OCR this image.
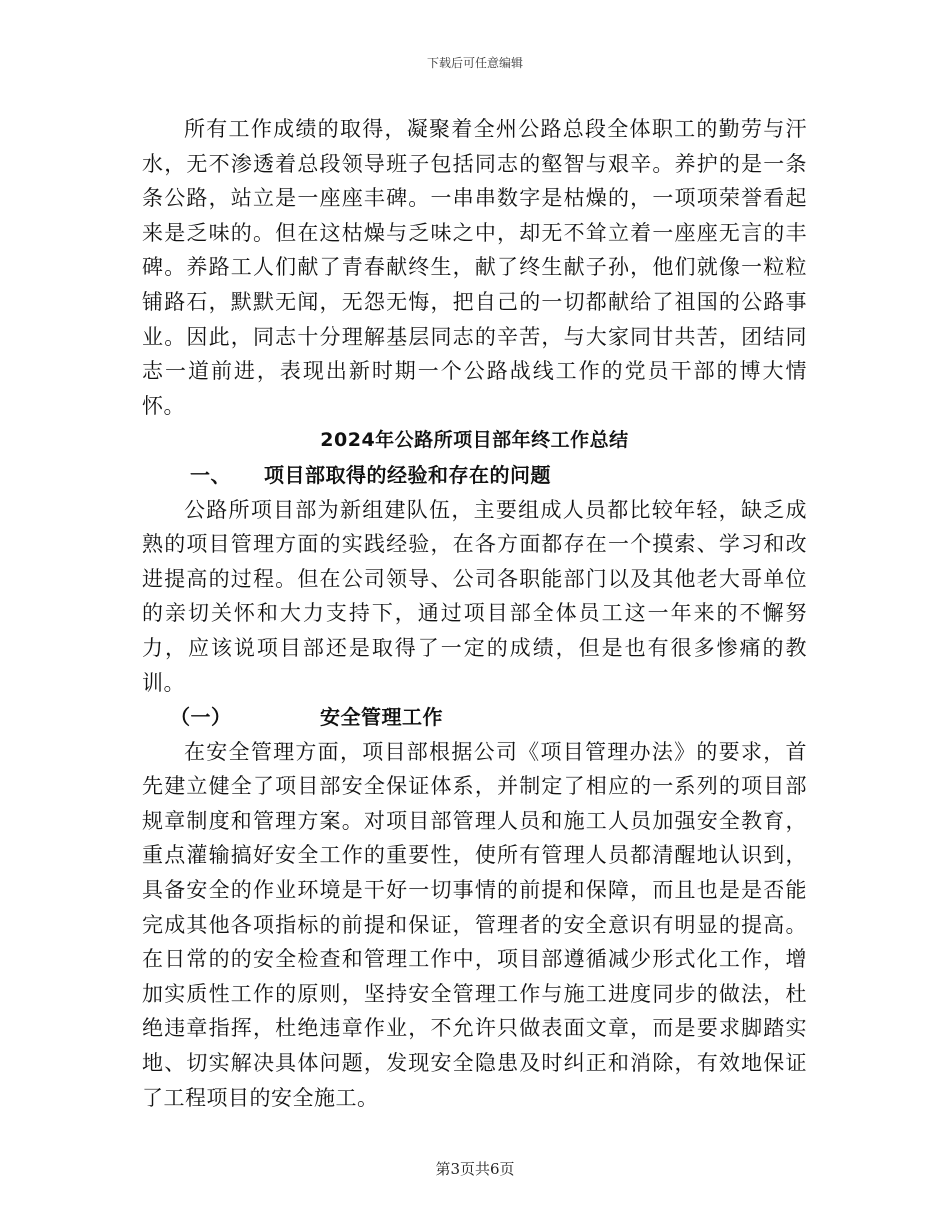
下载后可任意编辑

所有工作成绩的取得，凝聚着全州公路总段全体职工的勤劳与汗水，无不渗透着总段领导班子包括同志的壑智与艰辛。养护的是一条条公路，站立是一座座丰碑。一串串数字是枯燥的，一项项荣誉看起来是乏味的。但在这枯燥与乏味之中，却无不耸立着一座座无言的丰碑。养路工人们献了青春献终生，献了终生献子孙，他们就像一粒粒铺路石，默默无闻，无怨无悔，把自己的一切都献给了祖国的公路事业。因此，同志十分理解基层同志的辛苦，与大家同甘共苦，团结同志一道前进，表现出新时期一个公路战线工作的党员干部的博大情怀。

2024年公路所项目部年终工作总结

一、 项目部取得的经验和存在的问题

公路所项目部为新组建队伍，主要组成人员都比较年轻，缺乏成熟的项目管理方面的实践经验，在各方面都存在一个摸索、学习和改进提高的过程。但在公司领导、公司各职能部门以及其他老大哥单位的亲切关怀和大力支持下，通过项目部全体员工这一年来的不懈努力，应该说项目部还是取得了一定的成绩，但是也有很多惨痛的教训。

（一）	安全管理工作

在安全管理方面，项目部根据公司《项目管理办法》的要求，首先建立健全了项目部安全保证体系，并制定了相应的一系列的项目部规章制度和管理方案。对项目部管理人员和施工人员加强安全教育，重点灌输搞好安全工作的重要性，使所有管理人员都清醒地认识到，具备安全的作业环境是干好一切事情的前提和保障，而且也是是否能完成其他各项指标的前提和保证，管理者的安全意识有明显的提高。在日常的的安全检查和管理工作中，项目部遵循减少形式化工作，增加实质性工作的原则，坚持安全管理工作与施工进度同步的做法，杜绝违章指挥，杜绝违章作业，不允许只做表面文章，而是要求脚踏实地、切实解决具体问题，发现安全隐患及时纠正和消除，有效地保证了工程项目的安全施工。

第3页共6页
